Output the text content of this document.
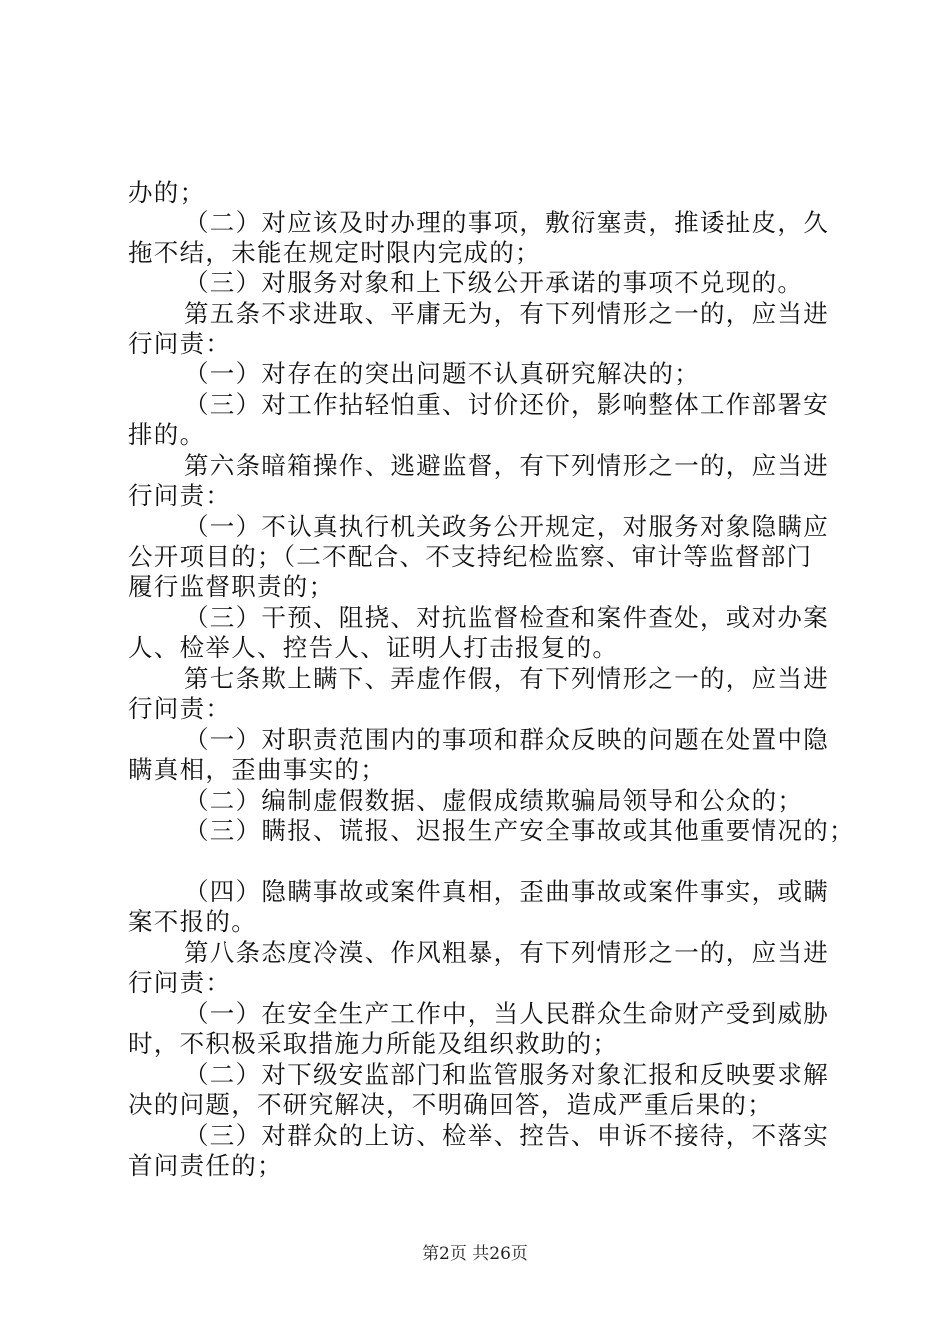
办的；
（二）对应该及时办理的事项，敷衍塞责，推诿扯皮，久
拖不结，未能在规定时限内完成的；
（三）对服务对象和上下级公开承诺的事项不兑现的。
第五条不求进取、平庸无为，有下列情形之一的，应当进
行问责：
（一）对存在的突出问题不认真研究解决的；
（三）对工作拈轻怕重、讨价还价，影响整体工作部署安
排的。
第六条暗箱操作、逃避监督，有下列情形之一的，应当进
行问责：
（一）不认真执行机关政务公开规定，对服务对象隐瞒应
公开项目的；（二不配合、不支持纪检监察、审计等监督部门
履行监督职责的；
（三）干预、阻挠、对抗监督检查和案件查处，或对办案
人、检举人、控告人、证明人打击报复的。
第七条欺上瞒下、弄虚作假，有下列情形之一的，应当进
行问责：
（一）对职责范围内的事项和群众反映的问题在处置中隐
瞒真相，歪曲事实的；
（二）编制虚假数据、虚假成绩欺骗局领导和公众的；
（三）瞒报、谎报、迟报生产安全事故或其他重要情况的；
（四）隐瞒事故或案件真相，歪曲事故或案件事实，或瞒
案不报的。
第八条态度冷漠、作风粗暴，有下列情形之一的，应当进
行问责：
（一）在安全生产工作中，当人民群众生命财产受到威胁
时，不积极采取措施力所能及组织救助的；
（二）对下级安监部门和监管服务对象汇报和反映要求解
决的问题，不研究解决，不明确回答，造成严重后果的；
（三）对群众的上访、检举、控告、申诉不接待，不落实
首问责任的；
第2页 共26页
